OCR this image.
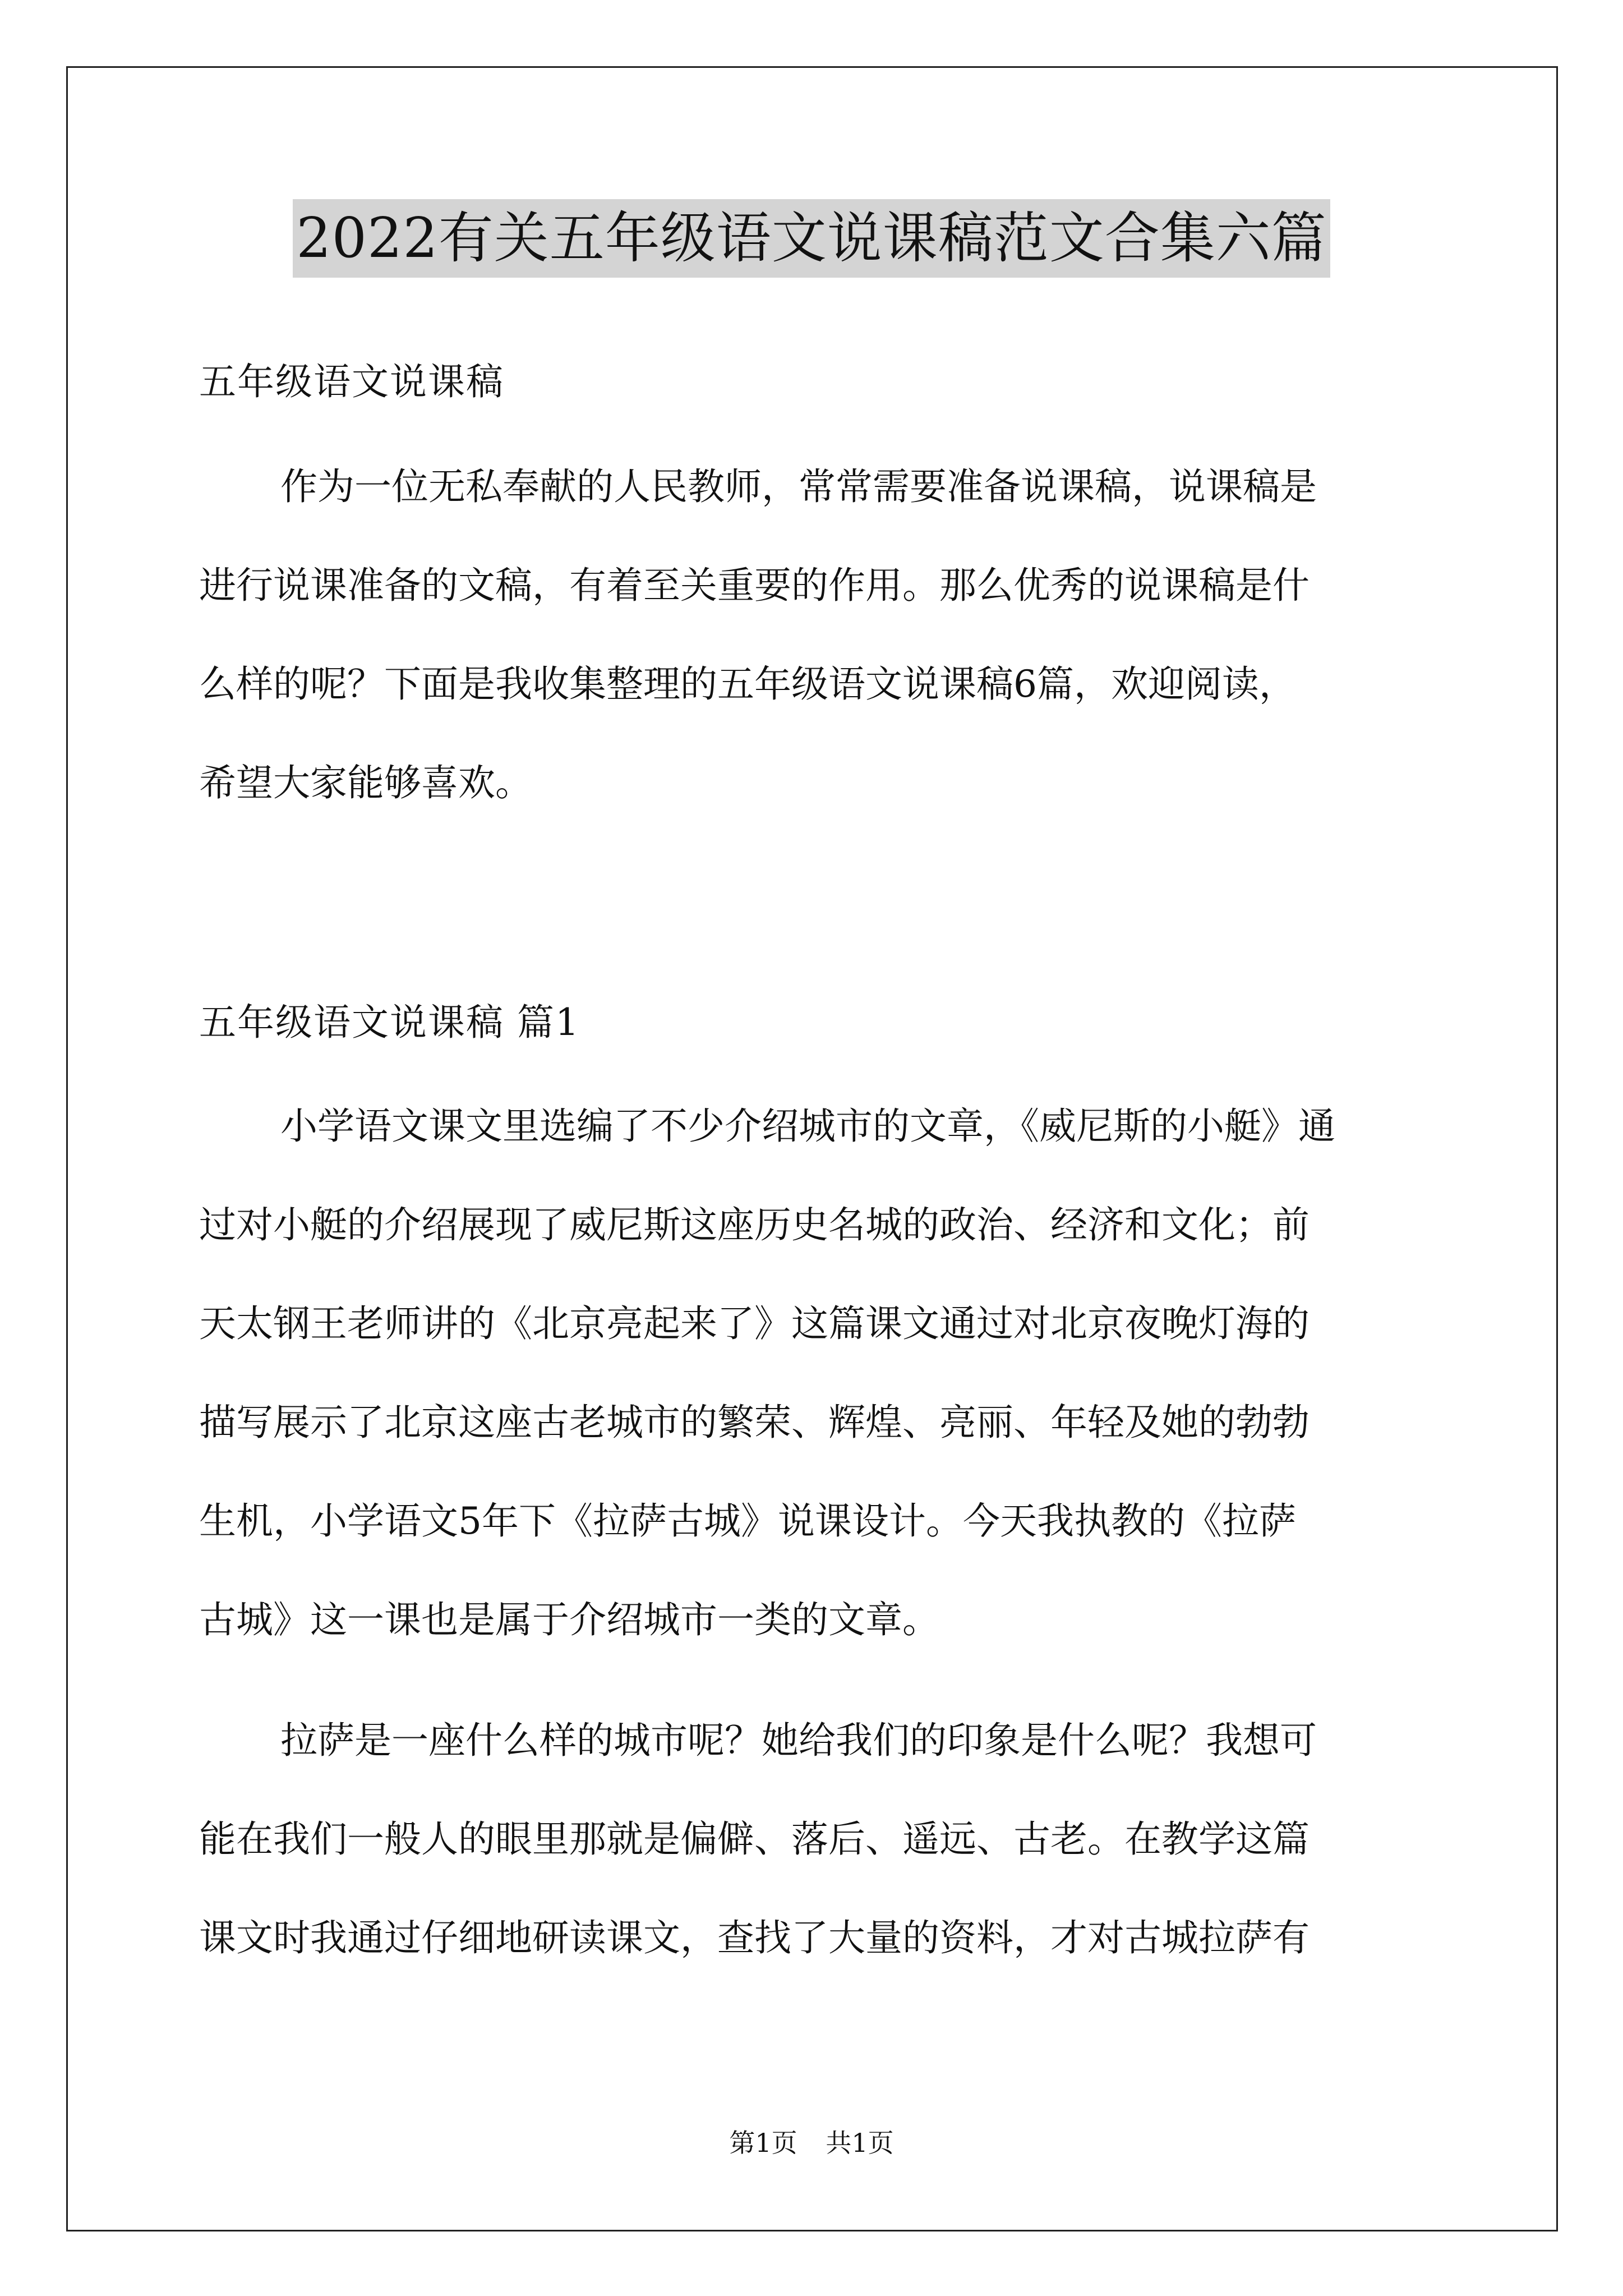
2022有关五年级语文说课稿范文合集六篇
五年级语文说课稿

作为一位无私奉献的人民教师，常常需要准备说课稿，说课稿是

进行说课准备的文稿，有着至关重要的作用。那么优秀的说课稿是什

么样的呢？下面是我收集整理的五年级语文说课稿6篇，欢迎阅读，

希望大家能够喜欢。

五年级语文说课稿 篇1

小学语文课文里选编了不少介绍城市的文章，《威尼斯的小艇》通

过对小艇的介绍展现了威尼斯这座历史名城的政治、经济和文化；前

天太钢王老师讲的《北京亮起来了》这篇课文通过对北京夜晚灯海的

描写展示了北京这座古老城市的繁荣、辉煌、亮丽、年轻及她的勃勃

生机，小学语文5年下《拉萨古城》说课设计。今天我执教的《拉萨

古城》这一课也是属于介绍城市一类的文章。

拉萨是一座什么样的城市呢？她给我们的印象是什么呢？我想可

能在我们一般人的眼里那就是偏僻、落后、遥远、古老。在教学这篇

课文时我通过仔细地研读课文，查找了大量的资料，才对古城拉萨有

第1页 共1页
